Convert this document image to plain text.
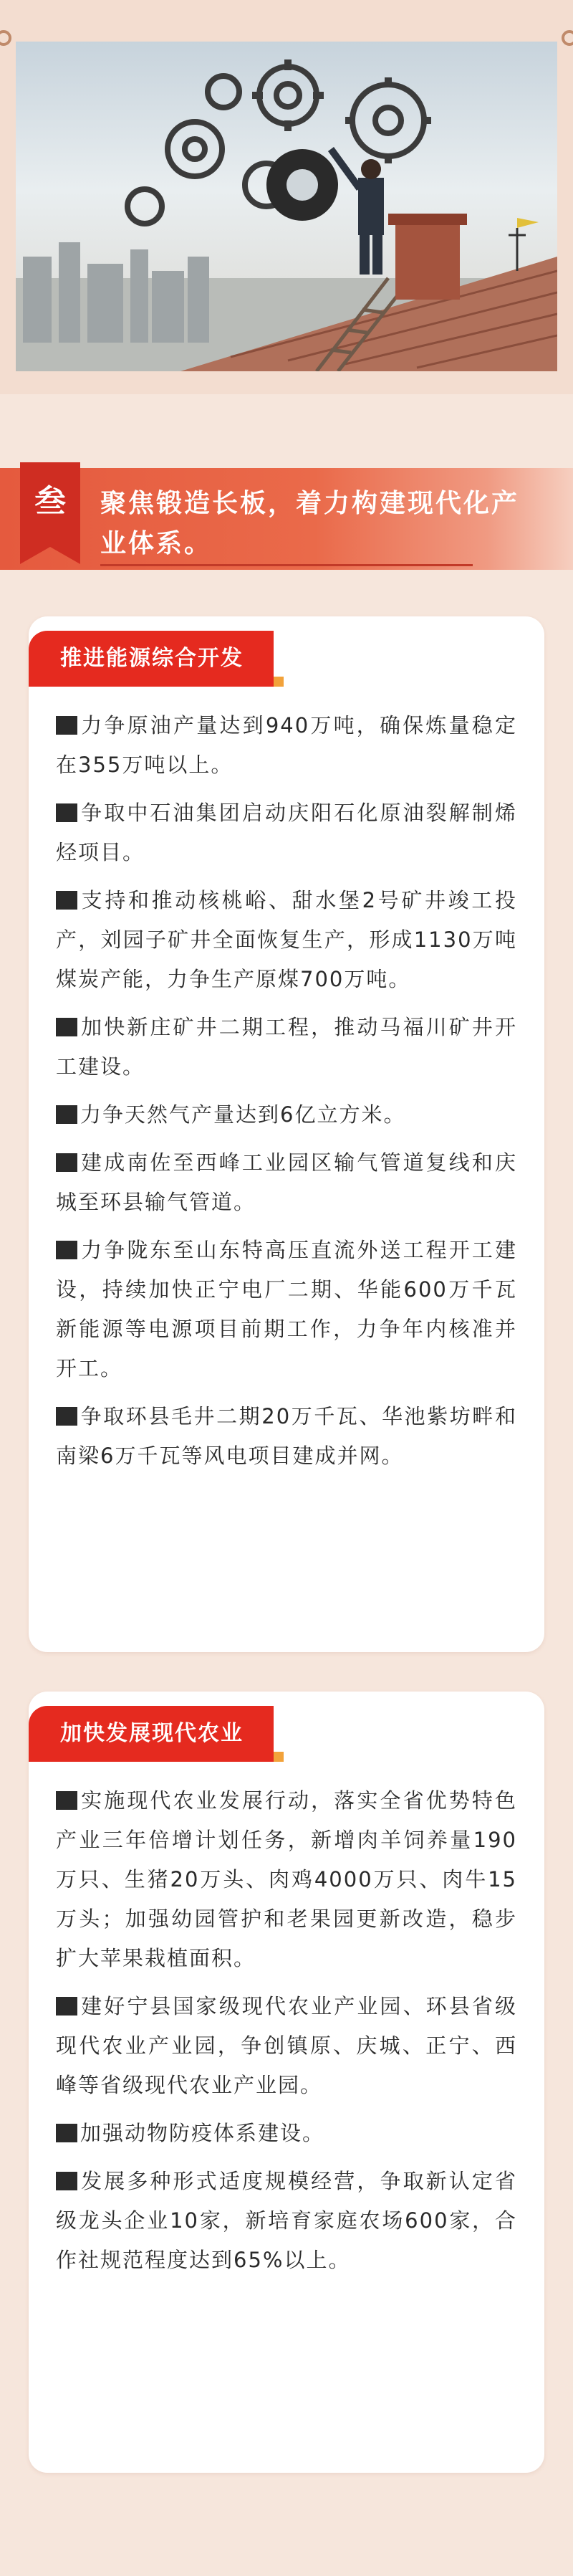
叁	聚焦锻造长板，着力构建现代化产业体系。
推进能源综合开发
力争原油产量达到940万吨，确保炼量稳定在355万吨以上。
争取中石油集团启动庆阳石化原油裂解制烯烃项目。
支持和推动核桃峪、甜水堡2号矿井竣工投产，刘园子矿井全面恢复生产，形成1130万吨煤炭产能，力争生产原煤700万吨。
加快新庄矿井二期工程，推动马福川矿井开工建设。
力争天然气产量达到6亿立方米。
建成南佐至西峰工业园区输气管道复线和庆城至环县输气管道。
力争陇东至山东特高压直流外送工程开工建设，持续加快正宁电厂二期、华能600万千瓦新能源等电源项目前期工作，力争年内核准并开工。
争取环县毛井二期20万千瓦、华池紫坊畔和南梁6万千瓦等风电项目建成并网。
加快发展现代农业
实施现代农业发展行动，落实全省优势特色产业三年倍增计划任务，新增肉羊饲养量190万只、生猪20万头、肉鸡4000万只、肉牛15万头；加强幼园管护和老果园更新改造，稳步扩大苹果栽植面积。
建好宁县国家级现代农业产业园、环县省级现代农业产业园，争创镇原、庆城、正宁、西峰等省级现代农业产业园。
加强动物防疫体系建设。
发展多种形式适度规模经营，争取新认定省级龙头企业10家，新培育家庭农场600家，合作社规范程度达到65%以上。
